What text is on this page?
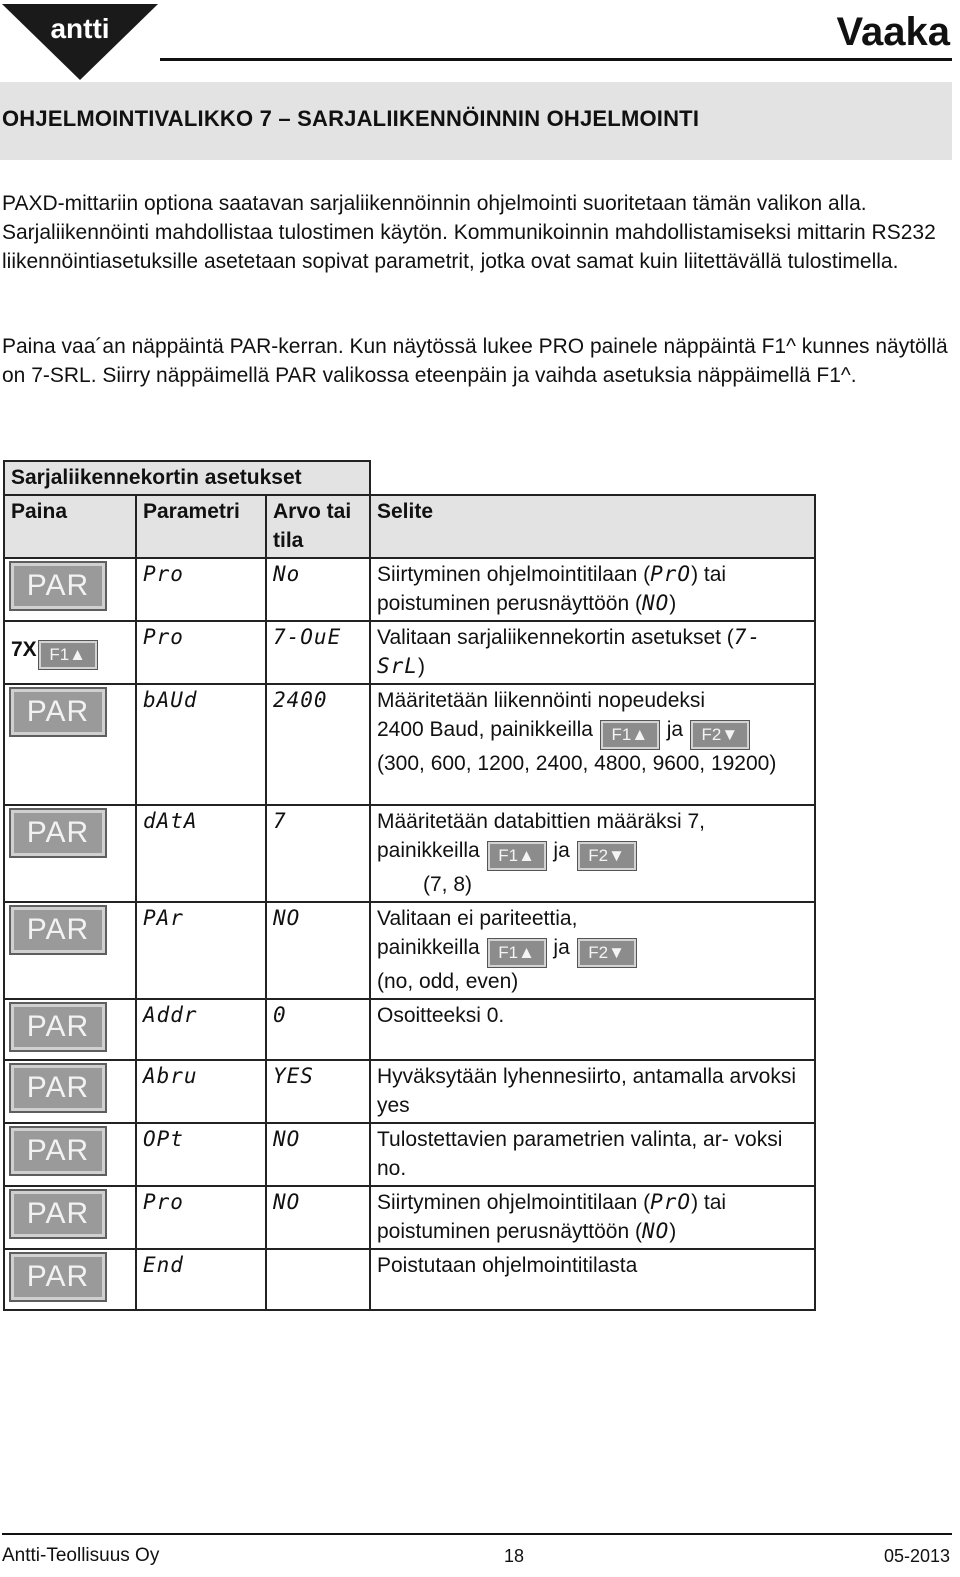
antti	Vaaka
OHJELMOINTIVALIKKO 7 – SARJALIIKENNÖINNIN OHJELMOINTI

PAXD-mittariin optiona saatavan sarjaliikennöinnin ohjelmointi suoritetaan tämän valikon alla. Sarjaliikennöinti mahdollistaa tulostimen käytön. Kommunikoinnin mahdollistamiseksi mittarin RS232 liikennöintiasetuksille asetetaan sopivat parametrit, jotka ovat samat kuin liitettävällä tulostimella.

Paina vaa´an näppäintä PAR-kerran. Kun näytössä lukee PRO painele näppäintä F1^ kunnes näytöllä on 7-SRL. Siirry näppäimellä PAR valikossa eteenpäin ja vaihda asetuksia näppäimellä F1^.

Sarjaliikennekortin asetukset			
Paina	Parametri	Arvo tai tila	Selite
PAR	Pro	No	Siirtyminen ohjelmointitilaan (PrO) tai poistuminen perusnäyttöön (NO)
7X F1▲	Pro	7-OuE	Valitaan sarjaliikennekortin asetukset (7-SrL)
PAR	bAUd	2400	Määritetään liikennöinti nopeudeksi
2400 Baud, painikkeilla F1▲ ja F2▼
(300, 600, 1200, 2400, 4800, 9600, 19200)
PAR	dAtA	7	Määritetään databittien määräksi 7,
painikkeilla F1▲ ja F2▼
(7, 8)
PAR	PAr	NO	Valitaan ei pariteettia,
painikkeilla F1▲ ja F2▼
(no, odd, even)
PAR	Addr	0	Osoitteeksi 0.
PAR	Abru	YES	Hyväksytään lyhennesiirto, antamalla arvoksi yes
PAR	OPt	NO	Tulostettavien parametrien valinta, ar- voksi no.
PAR	Pro	NO	Siirtyminen ohjelmointitilaan (PrO) tai poistuminen perusnäyttöön (NO)
PAR	End		Poistutaan ohjelmointitilasta
Antti-Teollisuus Oy	18	05-2013
